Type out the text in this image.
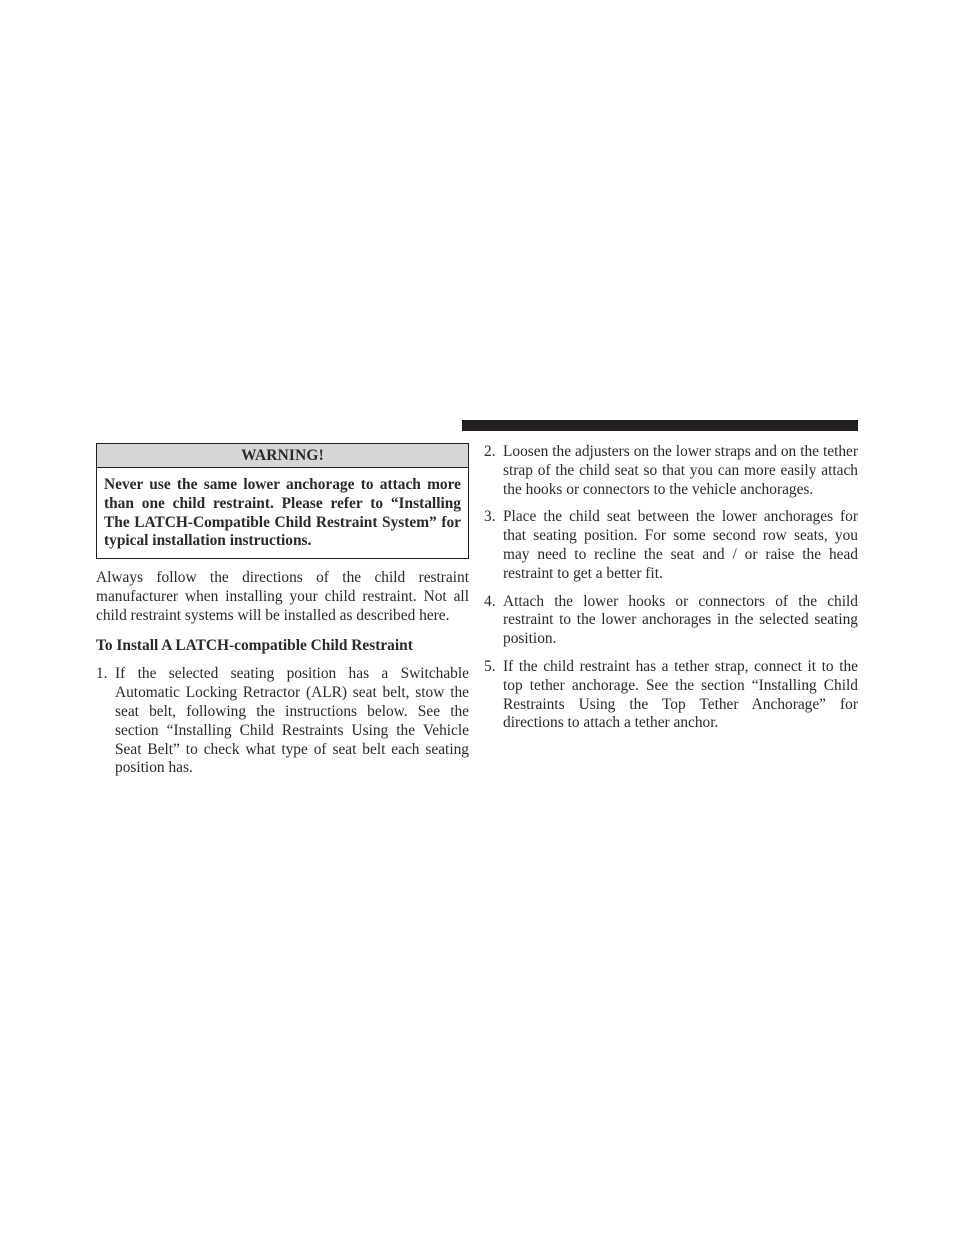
WARNING!
Never use the same lower anchorage to attach more than one child restraint. Please refer to “Installing The LATCH-Compatible Child Restraint System” for typical installation instructions.

Always follow the directions of the child restraint manufacturer when installing your child restraint. Not all child restraint systems will be installed as described here.

To Install A LATCH-compatible Child Restraint

1. If the selected seating position has a Switchable Automatic Locking Retractor (ALR) seat belt, stow the seat belt, following the instructions below. See the section “Installing Child Restraints Using the Vehicle Seat Belt” to check what type of seat belt each seating position has.
2. Loosen the adjusters on the lower straps and on the tether strap of the child seat so that you can more easily attach the hooks or connectors to the vehicle anchorages.
3. Place the child seat between the lower anchorages for that seating position. For some second row seats, you may need to recline the seat and / or raise the head restraint to get a better fit.
4. Attach the lower hooks or connectors of the child restraint to the lower anchorages in the selected seating position.
5. If the child restraint has a tether strap, connect it to the top tether anchorage. See the section “Installing Child Restraints Using the Top Tether Anchorage” for directions to attach a tether anchor.
